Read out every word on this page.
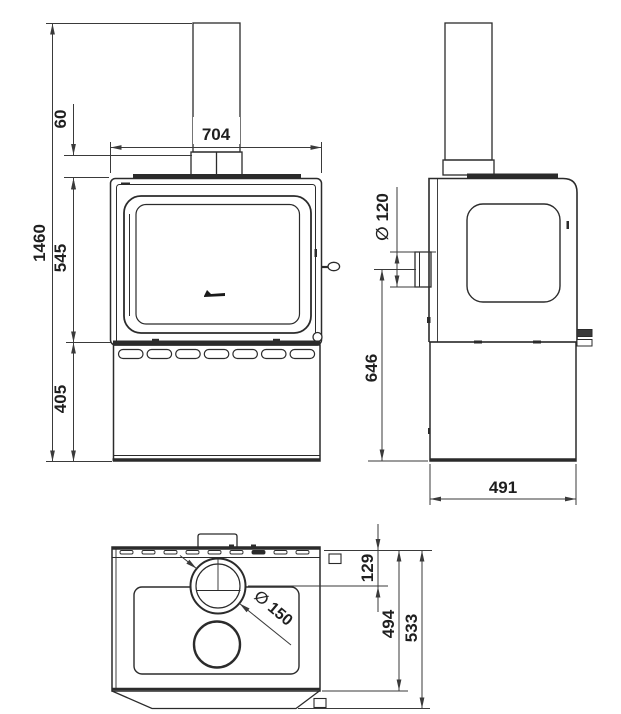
1460
60
704
545
405
∅ 120
646
491
129
∅ 150	494 533
